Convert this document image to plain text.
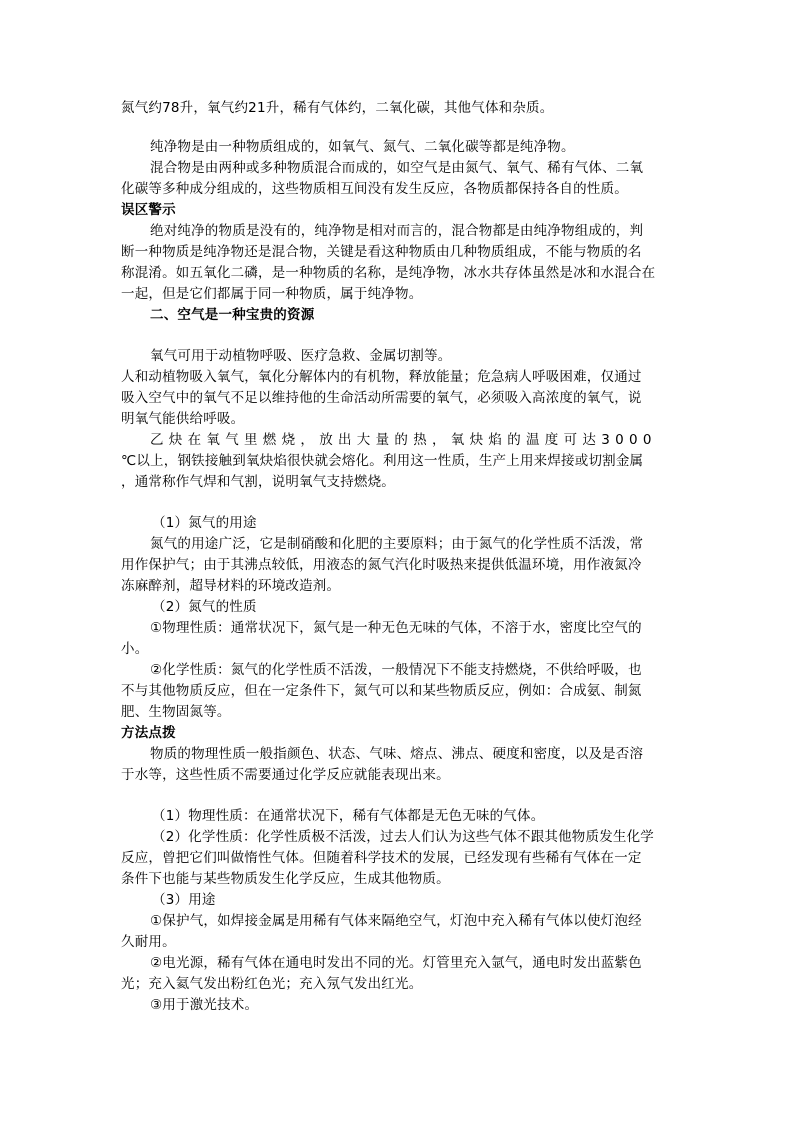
氮气约78升，氧气约21升，稀有气体约，二氧化碳，其他气体和杂质。
纯净物是由一种物质组成的，如氧气、氮气、二氧化碳等都是纯净物。
混合物是由两种或多种物质混合而成的，如空气是由氮气、氧气、稀有气体、二氧
化碳等多种成分组成的，这些物质相互间没有发生反应，各物质都保持各自的性质。
误区警示
绝对纯净的物质是没有的，纯净物是相对而言的，混合物都是由纯净物组成的，判
断一种物质是纯净物还是混合物，关键是看这种物质由几种物质组成，不能与物质的名
称混淆。如五氧化二磷，是一种物质的名称，是纯净物，冰水共存体虽然是冰和水混合在
一起，但是它们都属于同一种物质，属于纯净物。
二、空气是一种宝贵的资源
氧气可用于动植物呼吸、医疗急救、金属切割等。
人和动植物吸入氧气，氧化分解体内的有机物，释放能量；危急病人呼吸困难，仅通过
吸入空气中的氧气不足以维持他的生命活动所需要的氧气，必须吸入高浓度的氧气，说
明氧气能供给呼吸。
乙炔在氧气里燃烧，放出大量的热，氧炔焰的温度可达3000
℃以上，钢铁接触到氧炔焰很快就会熔化。利用这一性质，生产上用来焊接或切割金属
，通常称作气焊和气割，说明氧气支持燃烧。
（1）氮气的用途
氮气的用途广泛，它是制硝酸和化肥的主要原料；由于氮气的化学性质不活泼，常
用作保护气；由于其沸点较低，用液态的氮气汽化时吸热来提供低温环境，用作液氮冷
冻麻醉剂，超导材料的环境改造剂。
（2）氮气的性质
①物理性质：通常状况下，氮气是一种无色无味的气体，不溶于水，密度比空气的
小。
②化学性质：氮气的化学性质不活泼，一般情况下不能支持燃烧，不供给呼吸，也
不与其他物质反应，但在一定条件下，氮气可以和某些物质反应，例如：合成氨、制氮
肥、生物固氮等。
方法点拨
物质的物理性质一般指颜色、状态、气味、熔点、沸点、硬度和密度，以及是否溶
于水等，这些性质不需要通过化学反应就能表现出来。
（1）物理性质：在通常状况下，稀有气体都是无色无味的气体。
（2）化学性质：化学性质极不活泼，过去人们认为这些气体不跟其他物质发生化学
反应，曾把它们叫做惰性气体。但随着科学技术的发展，已经发现有些稀有气体在一定
条件下也能与某些物质发生化学反应，生成其他物质。
（3）用途
①保护气，如焊接金属是用稀有气体来隔绝空气，灯泡中充入稀有气体以使灯泡经
久耐用。
②电光源，稀有气体在通电时发出不同的光。灯管里充入氩气，通电时发出蓝紫色
光；充入氦气发出粉红色光；充入氖气发出红光。
③用于激光技术。
